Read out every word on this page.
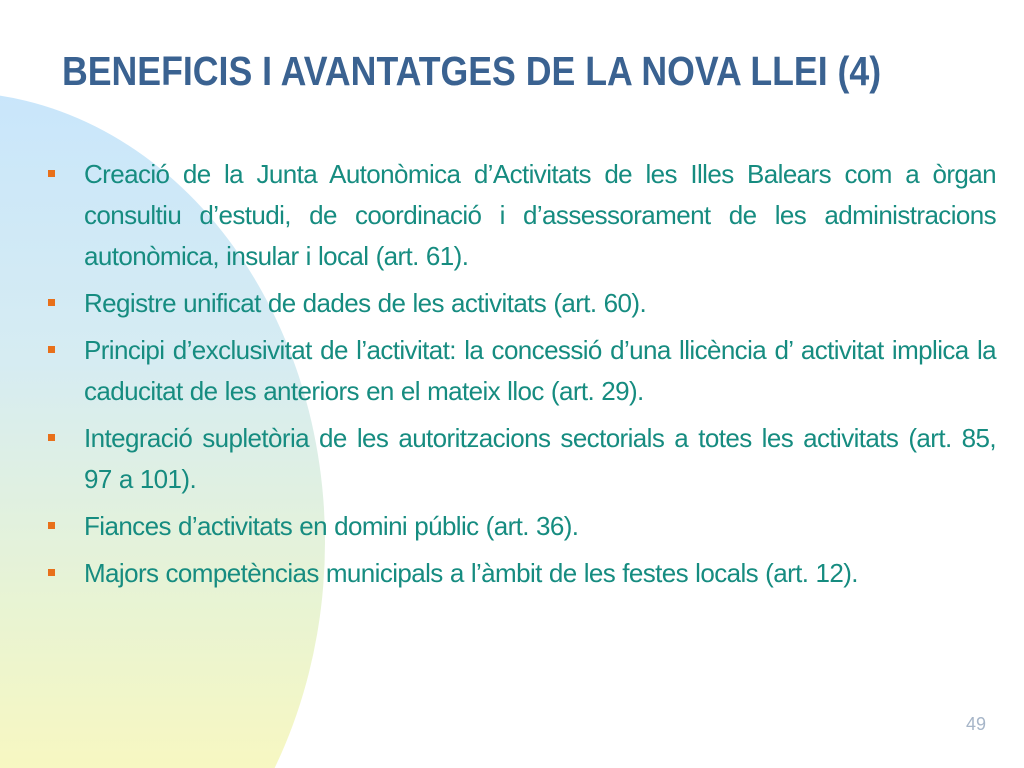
BENEFICIS I AVANTATGES DE LA NOVA LLEI (4)
Creació de la Junta Autonòmica d’Activitats de les Illes Balears com a òrgan consultiu d’estudi, de coordinació i d’assessorament de les administracions autonòmica, insular i local (art. 61).
Registre unificat de dades de les activitats (art. 60).
Principi d’exclusivitat de l’activitat: la concessió d’una llicència d’ activitat implica la caducitat de les anteriors en el mateix lloc (art. 29).
Integració supletòria de les autoritzacions sectorials a totes les activitats (art. 85, 97 a 101).
Fiances d’activitats en domini públic (art. 36).
Majors competèncias municipals a l’àmbit de les festes locals (art. 12).
49
